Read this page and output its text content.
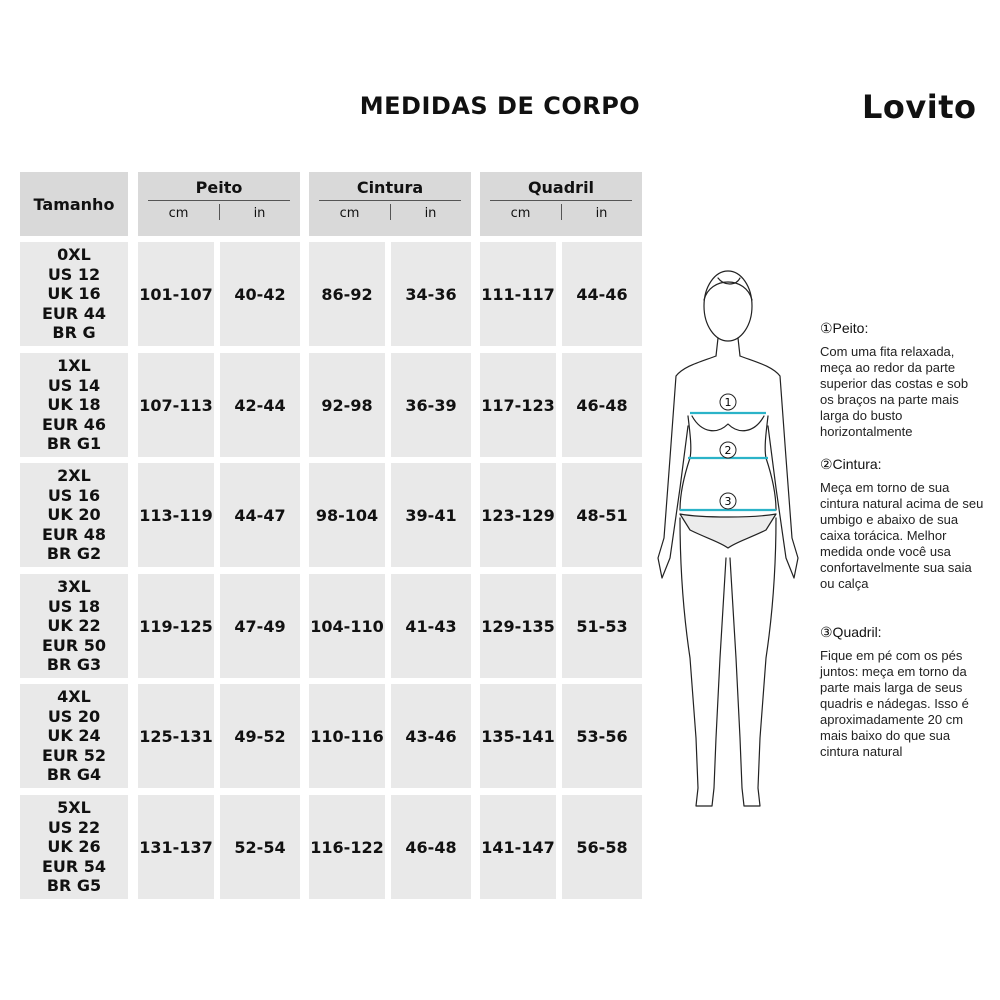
MEDIDAS DE CORPO	Lovito
Tamanho
Peito
cm	in
Cintura
cm	in
Quadril
cm	in
0XL
US 12
UK 16
EUR 44
BR G
101-107	40-42	86-92	34-36	111-117	44-46
1XL
US 14
UK 18
EUR 46
BR G1
107-113	42-44	92-98	36-39	117-123	46-48
2XL
US 16
UK 20
EUR 48
BR G2
113-119	44-47	98-104	39-41	123-129	48-51
3XL
US 18
UK 22
EUR 50
BR G3
119-125	47-49	104-110	41-43	129-135	51-53
4XL
US 20
UK 24
EUR 52
BR G4
125-131	49-52	110-116	43-46	135-141	53-56
5XL
US 22
UK 26
EUR 54
BR G5
131-137	52-54	116-122	46-48	141-147	56-58
1
2
3
①Peito:

Com uma fita relaxada, meça ao redor da parte superior das costas e sob os braços na parte mais larga do busto horizontalmente

②Cintura:

Meça em torno de sua cintura natural acima de seu umbigo e abaixo de sua caixa torácica. Melhor medida onde você usa confortavelmente sua saia ou calça

③Quadril:

Fique em pé com os pés juntos: meça em torno da parte mais larga de seus quadris e nádegas. Isso é aproximadamente 20 cm mais baixo do que sua cintura natural
